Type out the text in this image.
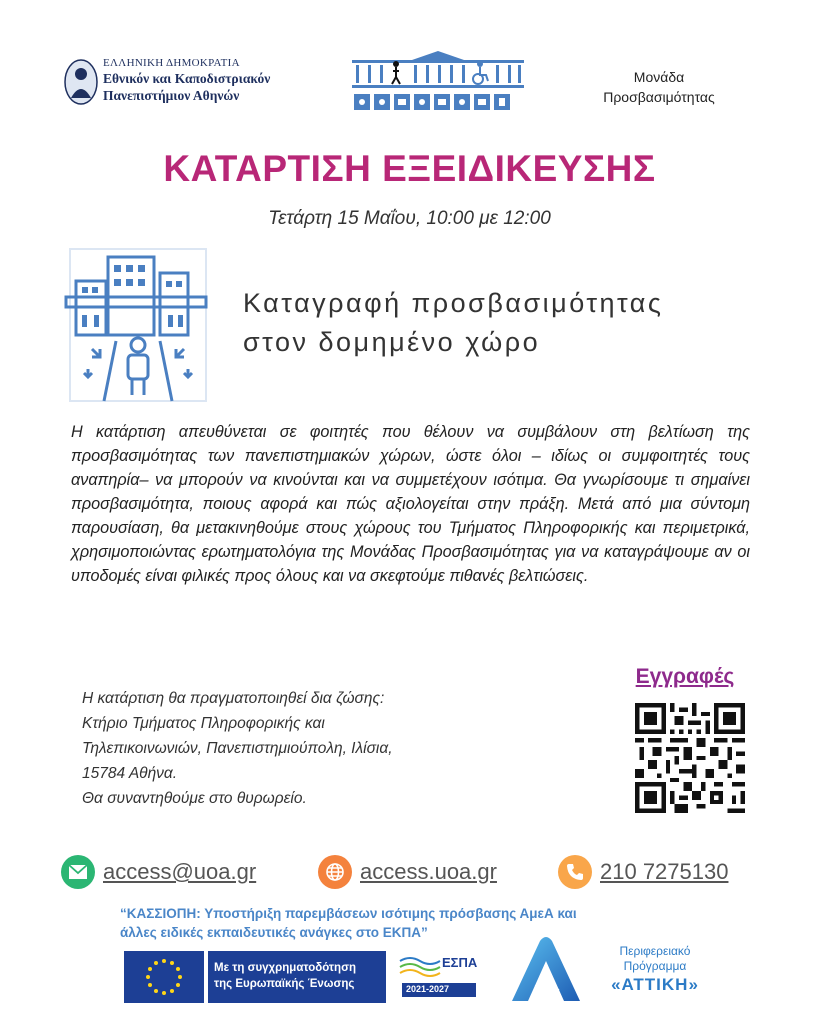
ΕΛΛΗΝΙΚΗ ΔΗΜΟΚΡΑΤΙΑ
Εθνικόν και Καποδιστριακόν
Πανεπιστήμιον Αθηνών
Μονάδα
Προσβασιμότητας
ΚΑΤΑΡΤΙΣΗ ΕΞΕΙΔΙΚΕΥΣΗΣ
Τετάρτη 15 Μαΐου, 10:00 με 12:00
Καταγραφή προσβασιμότητας
στον δομημένο χώρο
Η κατάρτιση απευθύνεται σε φοιτητές που θέλουν να συμβάλουν στη βελτίωση της προσβασιμότητας των πανεπιστημιακών χώρων, ώστε όλοι – ιδίως οι συμφοιτητές τους αναπηρία– να μπορούν να κινούνται και να συμμετέχουν ισότιμα. Θα γνωρίσουμε τι σημαίνει προσβασιμότητα, ποιους αφορά και πώς αξιολογείται στην πράξη. Μετά από μια σύντομη παρουσίαση, θα μετακινηθούμε στους χώρους του Τμήματος Πληροφορικής και περιμετρικά, χρησιμοποιώντας ερωτηματολόγια της Μονάδας Προσβασιμότητας για να καταγράψουμε αν οι υποδομές είναι φιλικές προς όλους και να σκεφτούμε πιθανές βελτιώσεις.
Η κατάρτιση θα πραγματοποιηθεί δια ζώσης:
Κτήριο Τμήματος Πληροφορικής και
Τηλεπικοινωνιών, Πανεπιστημιούπολη, Ιλίσια,
15784 Αθήνα.
Θα συναντηθούμε στο θυρωρείο.
Εγγραφές
access@uoa.gr	access.uoa.gr	210 7275130
“ΚΑΣΣΙΟΠΗ: Υποστήριξη παρεμβάσεων ισότιμης πρόσβασης ΑμεΑ και
άλλες ειδικές εκπαιδευτικές ανάγκες στο ΕΚΠΑ”
Με τη συγχρηματοδότηση
της Ευρωπαϊκής Ένωσης
ΕΣΠΑ
2021-2027
Περιφερειακό
Πρόγραμμα
«ΑΤΤΙΚΗ»
